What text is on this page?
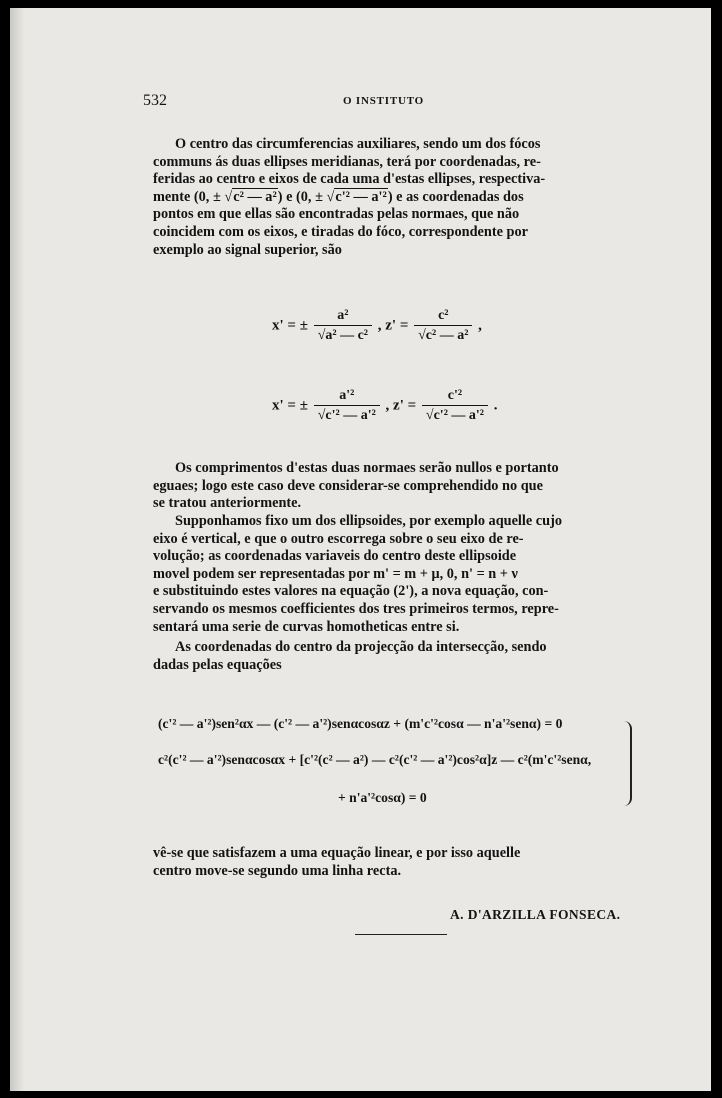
532	O INSTITUTO

O centro das circumferencias auxiliares, sendo um dos fócos

communs ás duas ellipses meridianas, terá por coordenadas, re-

feridas ao centro e eixos de cada uma d'estas ellipses, respectiva-

mente (0, ± √c² — a²) e (0, ± √c'² — a'²) e as coordenadas dos

pontos em que ellas são encontradas pelas normaes, que não

coincidem com os eixos, e tiradas do fóco, correspondente por

exemplo ao signal superior, são

x' = ± $\frac{\text{a²}}{\text{√a² — c²}}$ , $z' = \frac{\text{c²}}{\text{√c² — a²}}$ ,
x' = ± $\frac{\text{a'²}}{\text{√c'² — a'²}}$ , $z' = \frac{\text{c'²}}{\text{√c'² — a'²}}$ .

Os comprimentos d'estas duas normaes serão nullos e portanto

eguaes; logo este caso deve considerar-se comprehendido no que

se tratou anteriormente.

Supponhamos fixo um dos ellipsoides, por exemplo aquelle cujo

eixo é vertical, e que o outro escorrega sobre o seu eixo de re-

volução; as coordenadas variaveis do centro deste ellipsoide

movel podem ser representadas por m' = m + μ, 0, n' = n + ν

e substituindo estes valores na equação (2'), a nova equação, con-

servando os mesmos coefficientes dos tres primeiros termos, repre-

sentará uma serie de curvas homotheticas entre si.

As coordenadas do centro da projecção da intersecção, sendo

dadas pelas equações

(c'² — a'²)sen²αx — (c'² — a'²)senαcosαz + (m'c'²cosα — n'a'²senα) = 0
c²(c'² — a'²)senαcosαx + [c'²(c² — a²) — c²(c'² — a'²)cos²α]z — c²(m'c'²senα,
+ n'a'²cosα) = 0

vê-se que satisfazem a uma equação linear, e por isso aquelle

centro move-se segundo uma linha recta.

A. D'ARZILLA FONSECA.
